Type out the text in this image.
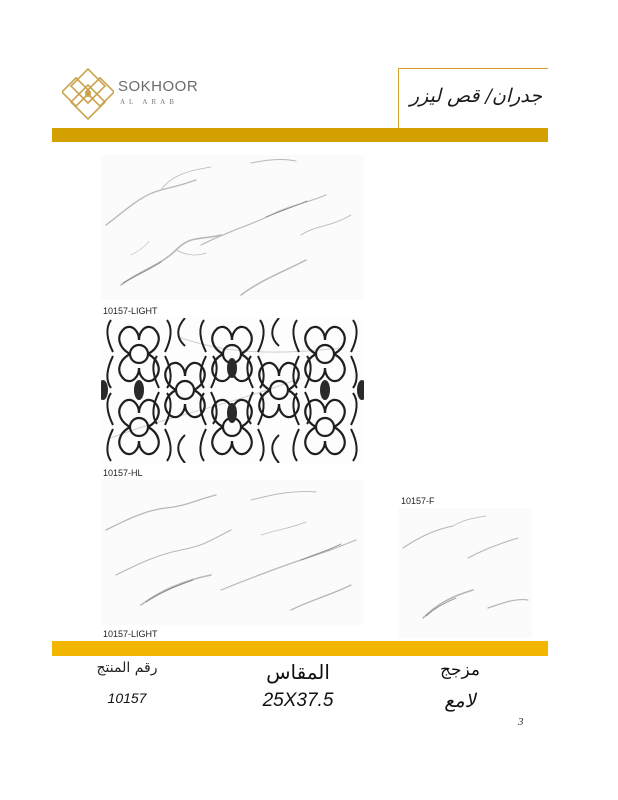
SOKHOOR
AL ARAB	جدران/ قص ليزر
10157-LIGHT
10157-HL
10157-LIGHT
10157-F
رقم المنتج	المقاس	مزجج
10157	25X37.5	لامع
3
